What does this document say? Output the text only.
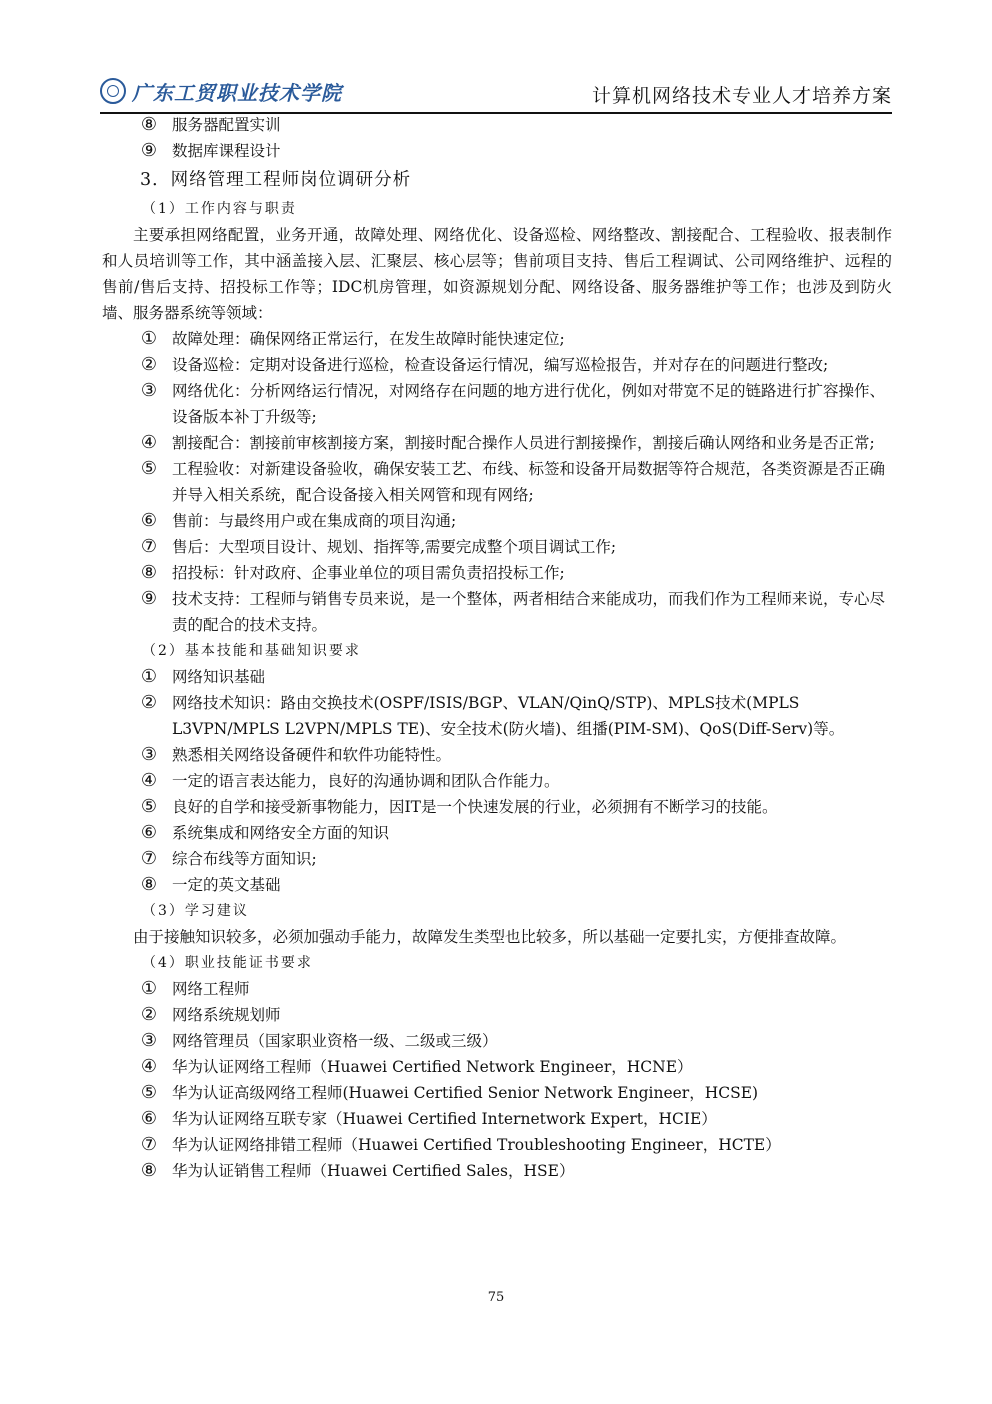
广东工贸职业技术学院	计算机网络技术专业人才培养方案
⑧ 服务器配置实训
⑨ 数据库课程设计
3．网络管理工程师岗位调研分析
（1）工作内容与职责
主要承担网络配置，业务开通，故障处理、网络优化、设备巡检、网络整改、割接配合、工程验收、报表制作和人员培训等工作，其中涵盖接入层、汇聚层、核心层等；售前项目支持、售后工程调试、公司网络维护、远程的售前/售后支持、招投标工作等；IDC机房管理，如资源规划分配、网络设备、服务器维护等工作；也涉及到防火墙、服务器系统等领域：
① 故障处理：确保网络正常运行，在发生故障时能快速定位;
② 设备巡检：定期对设备进行巡检，检查设备运行情况，编写巡检报告，并对存在的问题进行整改;
③ 网络优化：分析网络运行情况，对网络存在问题的地方进行优化，例如对带宽不足的链路进行扩容操作、设备版本补丁升级等;
④ 割接配合：割接前审核割接方案，割接时配合操作人员进行割接操作，割接后确认网络和业务是否正常;
⑤ 工程验收：对新建设备验收，确保安装工艺、布线、标签和设备开局数据等符合规范，各类资源是否正确并导入相关系统，配合设备接入相关网管和现有网络;
⑥ 售前：与最终用户或在集成商的项目沟通;
⑦ 售后：大型项目设计、规划、指挥等,需要完成整个项目调试工作;
⑧ 招投标：针对政府、企事业单位的项目需负责招投标工作;
⑨ 技术支持：工程师与销售专员来说，是一个整体，两者相结合来能成功，而我们作为工程师来说，专心尽责的配合的技术支持。
（2）基本技能和基础知识要求
① 网络知识基础
② 网络技术知识：路由交换技术(OSPF/ISIS/BGP、VLAN/QinQ/STP)、MPLS技术(MPLS L3VPN/MPLS L2VPN/MPLS TE)、安全技术(防火墙)、组播(PIM-SM)、QoS(Diff-Serv)等。
③ 熟悉相关网络设备硬件和软件功能特性。
④ 一定的语言表达能力，良好的沟通协调和团队合作能力。
⑤ 良好的自学和接受新事物能力，因IT是一个快速发展的行业，必须拥有不断学习的技能。
⑥ 系统集成和网络安全方面的知识
⑦ 综合布线等方面知识;
⑧ 一定的英文基础
（3）学习建议
由于接触知识较多，必须加强动手能力，故障发生类型也比较多，所以基础一定要扎实，方便排查故障。
（4）职业技能证书要求
① 网络工程师
② 网络系统规划师
③ 网络管理员（国家职业资格一级、二级或三级）
④ 华为认证网络工程师（Huawei Certified Network Engineer，HCNE）
⑤ 华为认证高级网络工程师(Huawei Certified Senior Network Engineer，HCSE)
⑥ 华为认证网络互联专家（Huawei Certified Internetwork Expert，HCIE）
⑦ 华为认证网络排错工程师（Huawei Certified Troubleshooting Engineer，HCTE）
⑧ 华为认证销售工程师（Huawei Certified Sales，HSE）
75
